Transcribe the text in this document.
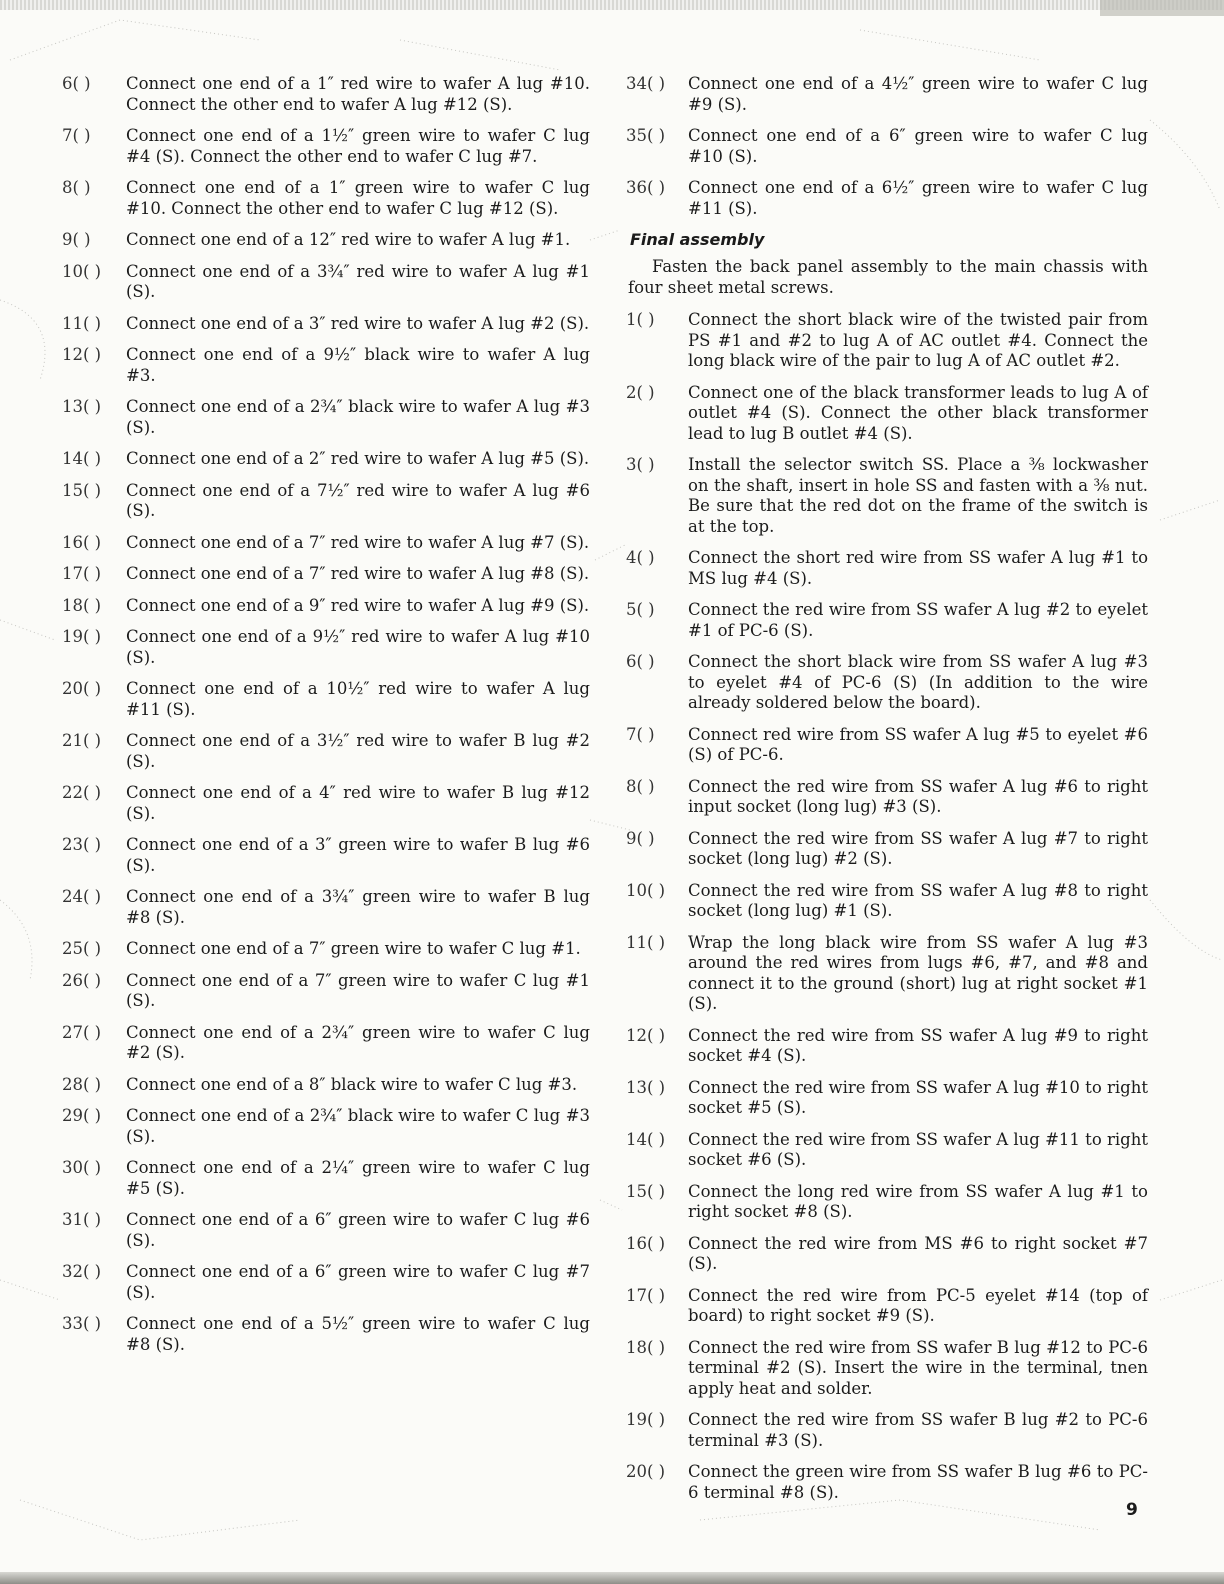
6( )	Connect one end of a 1″ red wire to wafer A lug #10. Connect the other end to wafer A lug #12 (S).
7( )	Connect one end of a 1½″ green wire to wafer C lug #4 (S). Connect the other end to wafer C lug #7.
8( )	Connect one end of a 1″ green wire to wafer C lug #10. Connect the other end to wafer C lug #12 (S).
9( )	Connect one end of a 12″ red wire to wafer A lug #1.
10( )	Connect one end of a 3¾″ red wire to wafer A lug #1 (S).
11( )	Connect one end of a 3″ red wire to wafer A lug #2 (S).
12( )	Connect one end of a 9½″ black wire to wafer A lug #3.
13( )	Connect one end of a 2¾″ black wire to wafer A lug #3 (S).
14( )	Connect one end of a 2″ red wire to wafer A lug #5 (S).
15( )	Connect one end of a 7½″ red wire to wafer A lug #6 (S).
16( )	Connect one end of a 7″ red wire to wafer A lug #7 (S).
17( )	Connect one end of a 7″ red wire to wafer A lug #8 (S).
18( )	Connect one end of a 9″ red wire to wafer A lug #9 (S).
19( )	Connect one end of a 9½″ red wire to wafer A lug #10 (S).
20( )	Connect one end of a 10½″ red wire to wafer A lug #11 (S).
21( )	Connect one end of a 3½″ red wire to wafer B lug #2 (S).
22( )	Connect one end of a 4″ red wire to wafer B lug #12 (S).
23( )	Connect one end of a 3″ green wire to wafer B lug #6 (S).
24( )	Connect one end of a 3¾″ green wire to wafer B lug #8 (S).
25( )	Connect one end of a 7″ green wire to wafer C lug #1.
26( )	Connect one end of a 7″ green wire to wafer C lug #1 (S).
27( )	Connect one end of a 2¾″ green wire to wafer C lug #2 (S).
28( )	Connect one end of a 8″ black wire to wafer C lug #3.
29( )	Connect one end of a 2¾″ black wire to wafer C lug #3 (S).
30( )	Connect one end of a 2¼″ green wire to wafer C lug #5 (S).
31( )	Connect one end of a 6″ green wire to wafer C lug #6 (S).
32( )	Connect one end of a 6″ green wire to wafer C lug #7 (S).
33( )	Connect one end of a 5½″ green wire to wafer C lug #8 (S).
34( )	Connect one end of a 4½″ green wire to wafer C lug #9 (S).
35( )	Connect one end of a 6″ green wire to wafer C lug #10 (S).
36( )	Connect one end of a 6½″ green wire to wafer C lug #11 (S).
Final assembly
Fasten the back panel assembly to the main chassis with four sheet metal screws.
1( )	Connect the short black wire of the twisted pair from PS #1 and #2 to lug A of AC outlet #4. Connect the long black wire of the pair to lug A of AC outlet #2.
2( )	Connect one of the black transformer leads to lug A of outlet #4 (S). Connect the other black transformer lead to lug B outlet #4 (S).
3( )	Install the selector switch SS. Place a ⅜ lockwasher on the shaft, insert in hole SS and fasten with a ⅜ nut. Be sure that the red dot on the frame of the switch is at the top.
4( )	Connect the short red wire from SS wafer A lug #1 to MS lug #4 (S).
5( )	Connect the red wire from SS wafer A lug #2 to eyelet #1 of PC-6 (S).
6( )	Connect the short black wire from SS wafer A lug #3 to eyelet #4 of PC-6 (S) (In addition to the wire already soldered below the board).
7( )	Connect red wire from SS wafer A lug #5 to eyelet #6 (S) of PC-6.
8( )	Connect the red wire from SS wafer A lug #6 to right input socket (long lug) #3 (S).
9( )	Connect the red wire from SS wafer A lug #7 to right socket (long lug) #2 (S).
10( )	Connect the red wire from SS wafer A lug #8 to right socket (long lug) #1 (S).
11( )	Wrap the long black wire from SS wafer A lug #3 around the red wires from lugs #6, #7, and #8 and connect it to the ground (short) lug at right socket #1 (S).
12( )	Connect the red wire from SS wafer A lug #9 to right socket #4 (S).
13( )	Connect the red wire from SS wafer A lug #10 to right socket #5 (S).
14( )	Connect the red wire from SS wafer A lug #11 to right socket #6 (S).
15( )	Connect the long red wire from SS wafer A lug #1 to right socket #8 (S).
16( )	Connect the red wire from MS #6 to right socket #7 (S).
17( )	Connect the red wire from PC-5 eyelet #14 (top of board) to right socket #9 (S).
18( )	Connect the red wire from SS wafer B lug #12 to PC-6 terminal #2 (S). Insert the wire in the terminal, tnen apply heat and solder.
19( )	Connect the red wire from SS wafer B lug #2 to PC-6 terminal #3 (S).
20( )	Connect the green wire from SS wafer B lug #6 to PC-6 terminal #8 (S).
9
